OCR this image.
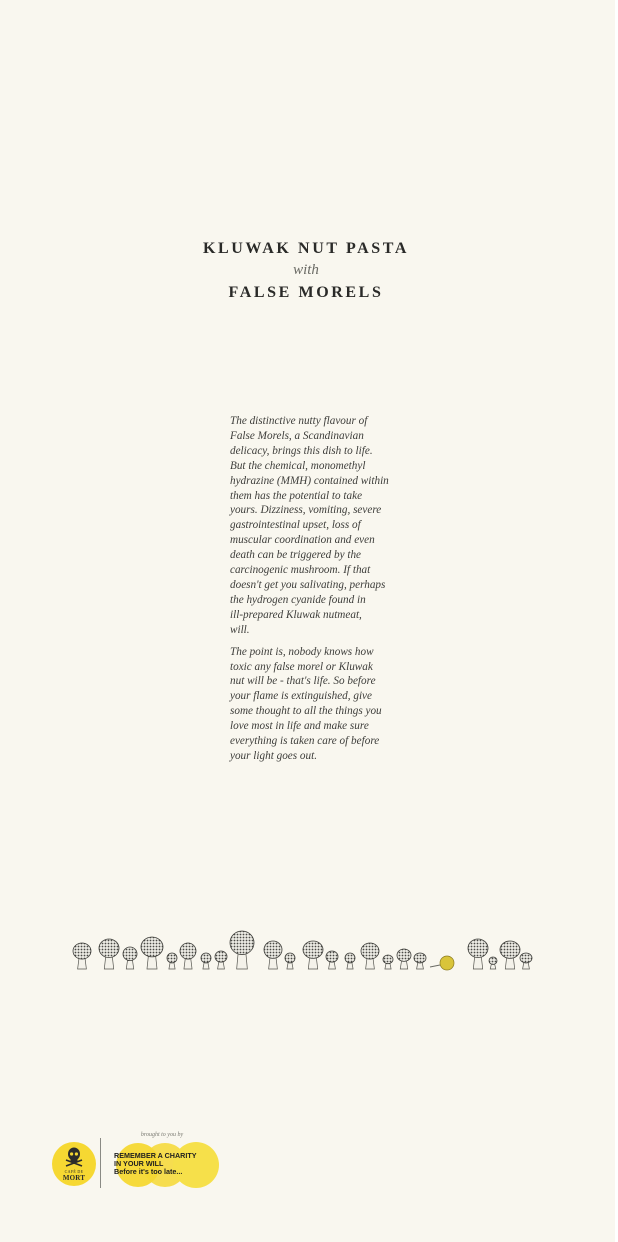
KLUWAK NUT PASTA
with
FALSE MORELS

The distinctive nutty flavour of
False Morels, a Scandinavian
delicacy, brings this dish to life.
But the chemical, monomethyl
hydrazine (MMH) contained within
them has the potential to take
yours. Dizziness, vomiting, severe
gastrointestinal upset, loss of
muscular coordination and even
death can be triggered by the
carcinogenic mushroom. If that
doesn't get you salivating, perhaps
the hydrogen cyanide found in
ill-prepared Kluwak nutmeat,
will.

The point is, nobody knows how
toxic any false morel or Kluwak
nut will be - that's life. So before
your flame is extinguished, give
some thought to all the things you
love most in life and make sure
everything is taken care of before
your light goes out.

CAFÉ DE
MORT
brought to you by
REMEMBER A CHARITY
IN YOUR WILL
Before it's too late...
